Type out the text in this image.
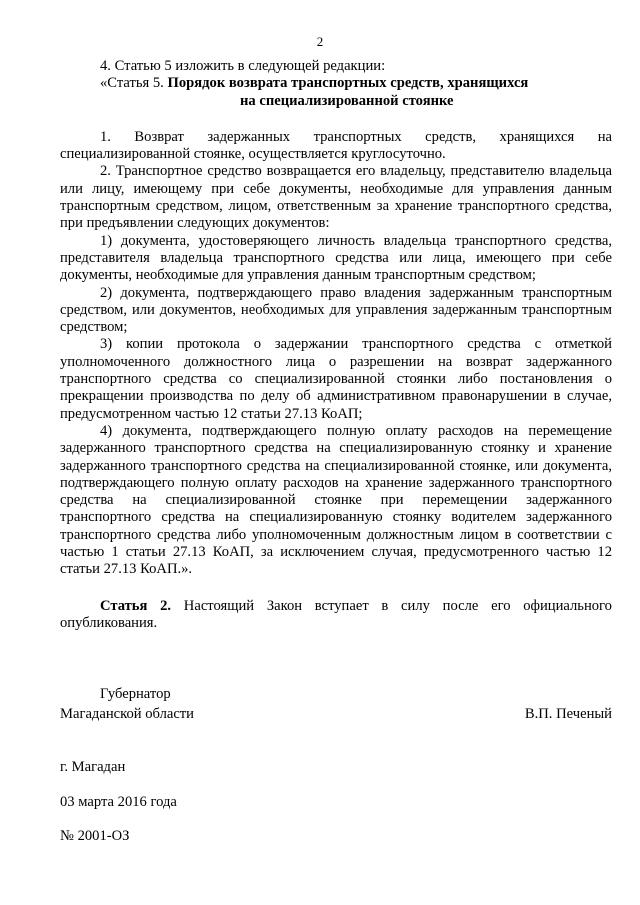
2

4. Статью 5 изложить в следующей редакции:

«Статья 5. Порядок возврата транспортных средств, хранящихся
на специализированной стоянке

1. Возврат задержанных транспортных средств, хранящихся на специализированной стоянке, осуществляется круглосуточно.

2. Транспортное средство возвращается его владельцу, представителю владельца или лицу, имеющему при себе документы, необходимые для управления данным транспортным средством, лицом, ответственным за хранение транспортного средства, при предъявлении следующих документов:

1) документа, удостоверяющего личность владельца транспортного средства, представителя владельца транспортного средства или лица, имеющего при себе документы, необходимые для управления данным транспортным средством;

2) документа, подтверждающего право владения задержанным транспортным средством, или документов, необходимых для управления задержанным транспортным средством;

3) копии протокола о задержании транспортного средства с отметкой уполномоченного должностного лица о разрешении на возврат задержанного транспортного средства со специализированной стоянки либо постановления о прекращении производства по делу об административном правонарушении в случае, предусмотренном частью 12 статьи 27.13 КоАП;

4) документа, подтверждающего полную оплату расходов на перемещение задержанного транспортного средства на специализированную стоянку и хранение задержанного транспортного средства на специализированной стоянке, или документа, подтверждающего полную оплату расходов на хранение задержанного транспортного средства на специализированной стоянке при перемещении задержанного транспортного средства на специализированную стоянку водителем задержанного транспортного средства либо уполномоченным должностным лицом в соответствии с частью 1 статьи 27.13 КоАП, за исключением случая, предусмотренного частью 12 статьи 27.13 КоАП.».

Статья 2. Настоящий Закон вступает в силу после его официального опубликования.

Губернатор
Магаданской области	В.П. Печеный
г. Магадан
03 марта 2016 года
№ 2001-ОЗ
